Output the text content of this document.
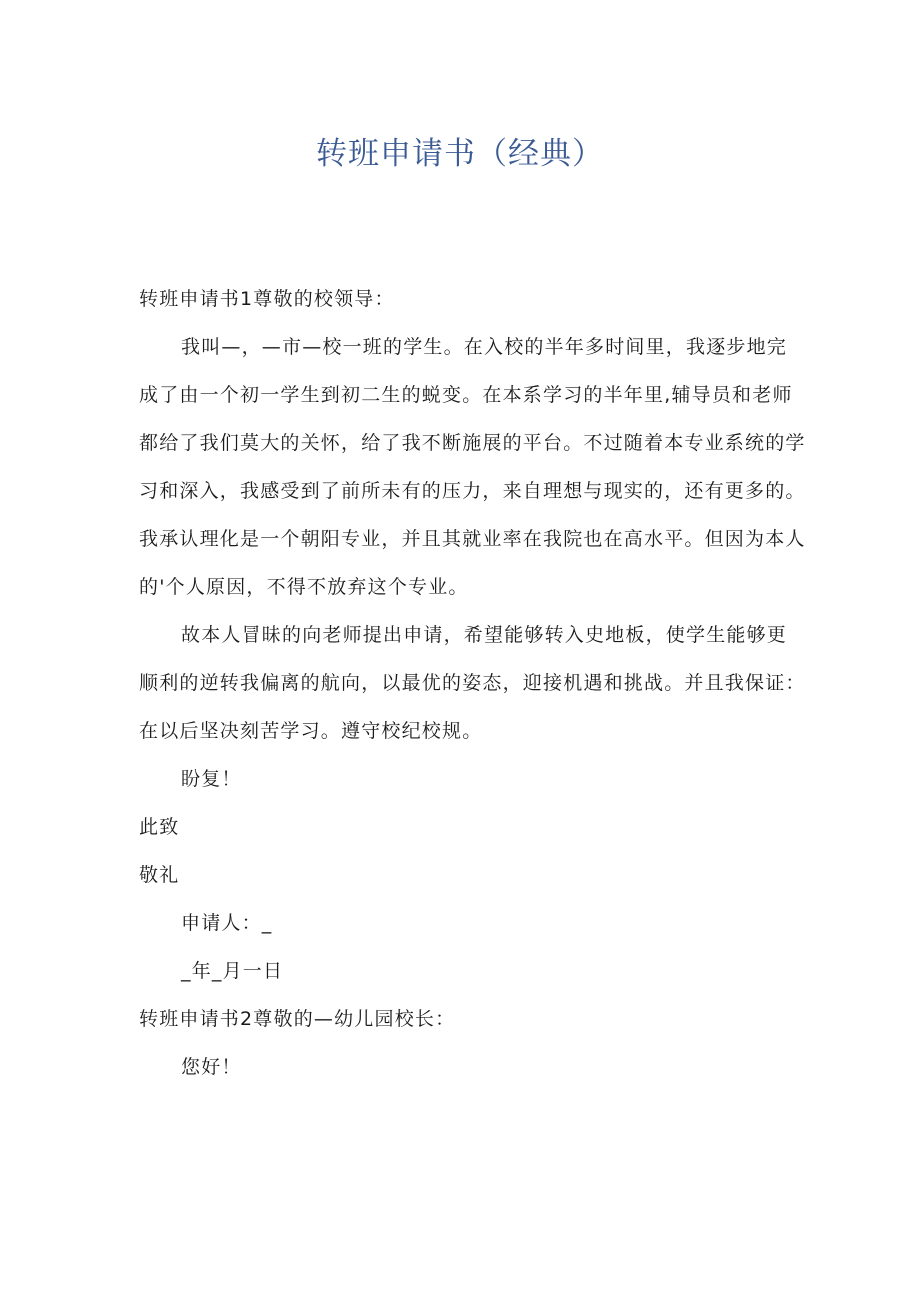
转班申请书（经典）
转班申请书1尊敬的校领导：
我叫—，—市—校一班的学生。在入校的半年多时间里，我逐步地完
成了由一个初一学生到初二生的蜕变。在本系学习的半年里,辅导员和老师
都给了我们莫大的关怀，给了我不断施展的平台。不过随着本专业系统的学
习和深入，我感受到了前所未有的压力，来自理想与现实的，还有更多的。
我承认理化是一个朝阳专业，并且其就业率在我院也在高水平。但因为本人
的'个人原因，不得不放弃这个专业。
故本人冒昧的向老师提出申请，希望能够转入史地板，使学生能够更
顺利的逆转我偏离的航向，以最优的姿态，迎接机遇和挑战。并且我保证：
在以后坚决刻苦学习。遵守校纪校规。
盼复！
此致
敬礼
申请人：_
_年_月一日
转班申请书2尊敬的—幼儿园校长：
您好！
